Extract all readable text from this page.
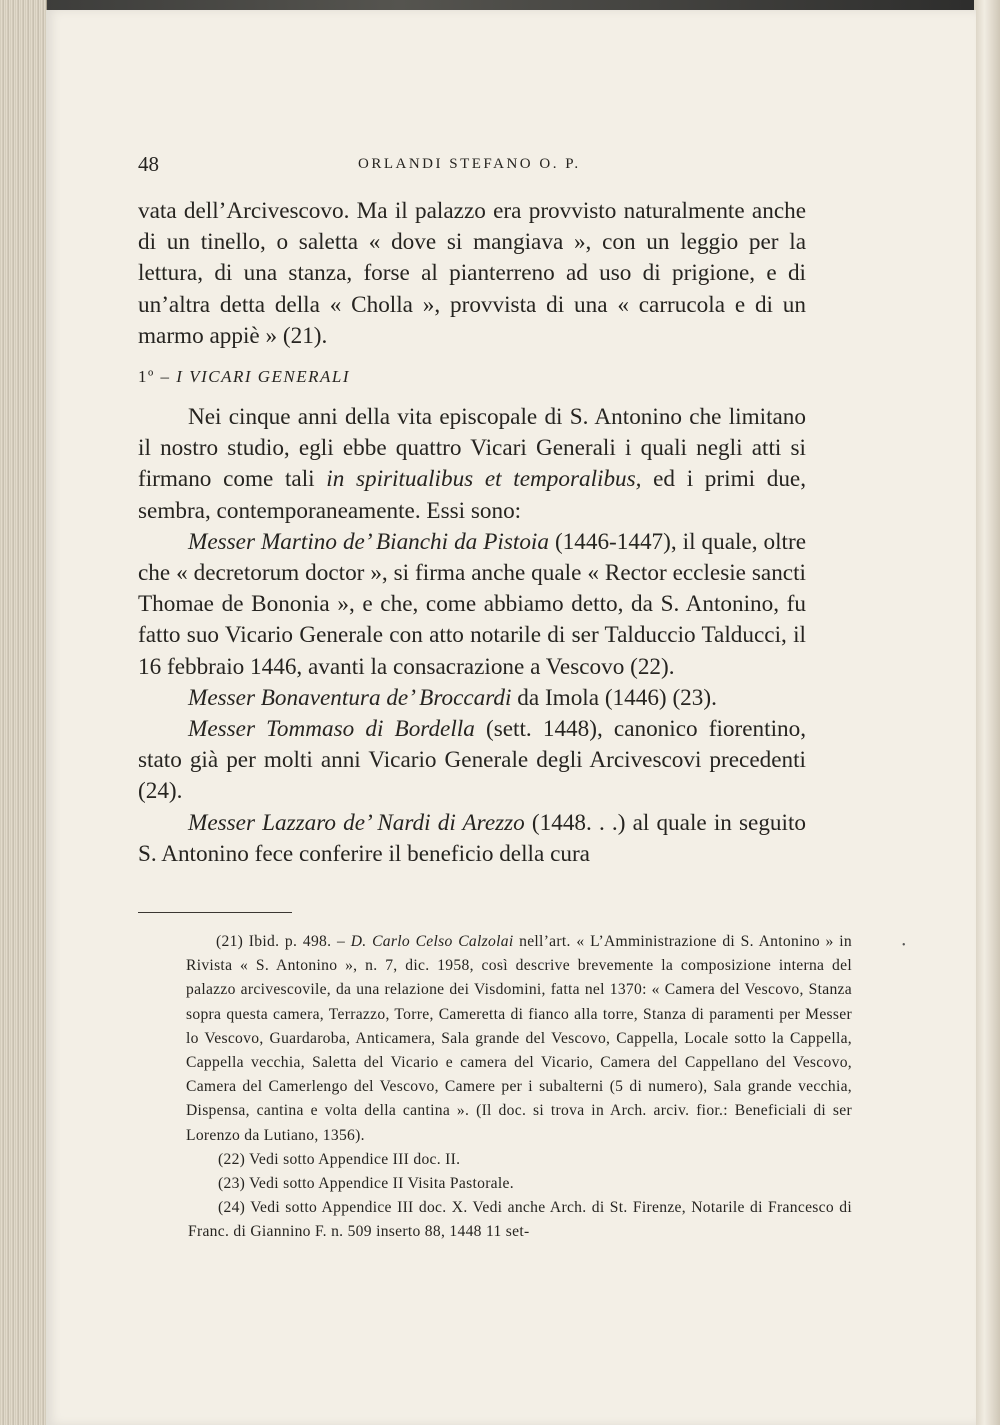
48	ORLANDI STEFANO O. P.

vata dell’Arcivescovo. Ma il palazzo era provvisto naturalmente anche di un tinello, o saletta « dove si mangiava », con un leggio per la lettura, di una stanza, forse al pianterreno ad uso di prigione, e di un’altra detta della « Cholla », provvista di una « carrucola e di un marmo appiè » (21).

1º – I VICARI GENERALI

Nei cinque anni della vita episcopale di S. Antonino che limitano il nostro studio, egli ebbe quattro Vicari Generali i quali negli atti si firmano come tali in spiritualibus et temporalibus, ed i primi due, sembra, contemporaneamente. Essi sono:

Messer Martino de’ Bianchi da Pistoia (1446-1447), il quale, oltre che « decretorum doctor », si firma anche quale « Rector ecclesie sancti Thomae de Bononia », e che, come abbiamo detto, da S. Antonino, fu fatto suo Vicario Generale con atto notarile di ser Talduccio Talducci, il 16 febbraio 1446, avanti la consacrazione a Vescovo (22).

Messer Bonaventura de’ Broccardi da Imola (1446) (23).

Messer Tommaso di Bordella (sett. 1448), canonico fiorentino, stato già per molti anni Vicario Generale degli Arcivescovi precedenti (24).

Messer Lazzaro de’ Nardi di Arezzo (1448. . .) al quale in seguito S. Antonino fece conferire il beneficio della cura

•

(21) Ibid. p. 498. – D. Carlo Celso Calzolai nell’art. « L’Amministrazione di S. Antonino » in Rivista « S. Antonino », n. 7, dic. 1958, così descrive brevemente la composizione interna del palazzo arcivescovile, da una relazione dei Visdomini, fatta nel 1370: « Camera del Vescovo, Stanza sopra questa camera, Terrazzo, Torre, Cameretta di fianco alla torre, Stanza di paramenti per Messer lo Vescovo, Guardaroba, Anticamera, Sala grande del Vescovo, Cappella, Locale sotto la Cappella, Cappella vecchia, Saletta del Vicario e camera del Vicario, Camera del Cappellano del Vescovo, Camera del Camerlengo del Vescovo, Camere per i subalterni (5 di numero), Sala grande vecchia, Dispensa, cantina e volta della cantina ». (Il doc. si trova in Arch. arciv. fior.: Beneficiali di ser Lorenzo da Lutiano, 1356).

(22) Vedi sotto Appendice III doc. II.

(23) Vedi sotto Appendice II Visita Pastorale.

(24) Vedi sotto Appendice III doc. X. Vedi anche Arch. di St. Firenze, Notarile di Francesco di Franc. di Giannino F. n. 509 inserto 88, 1448 11 set-
